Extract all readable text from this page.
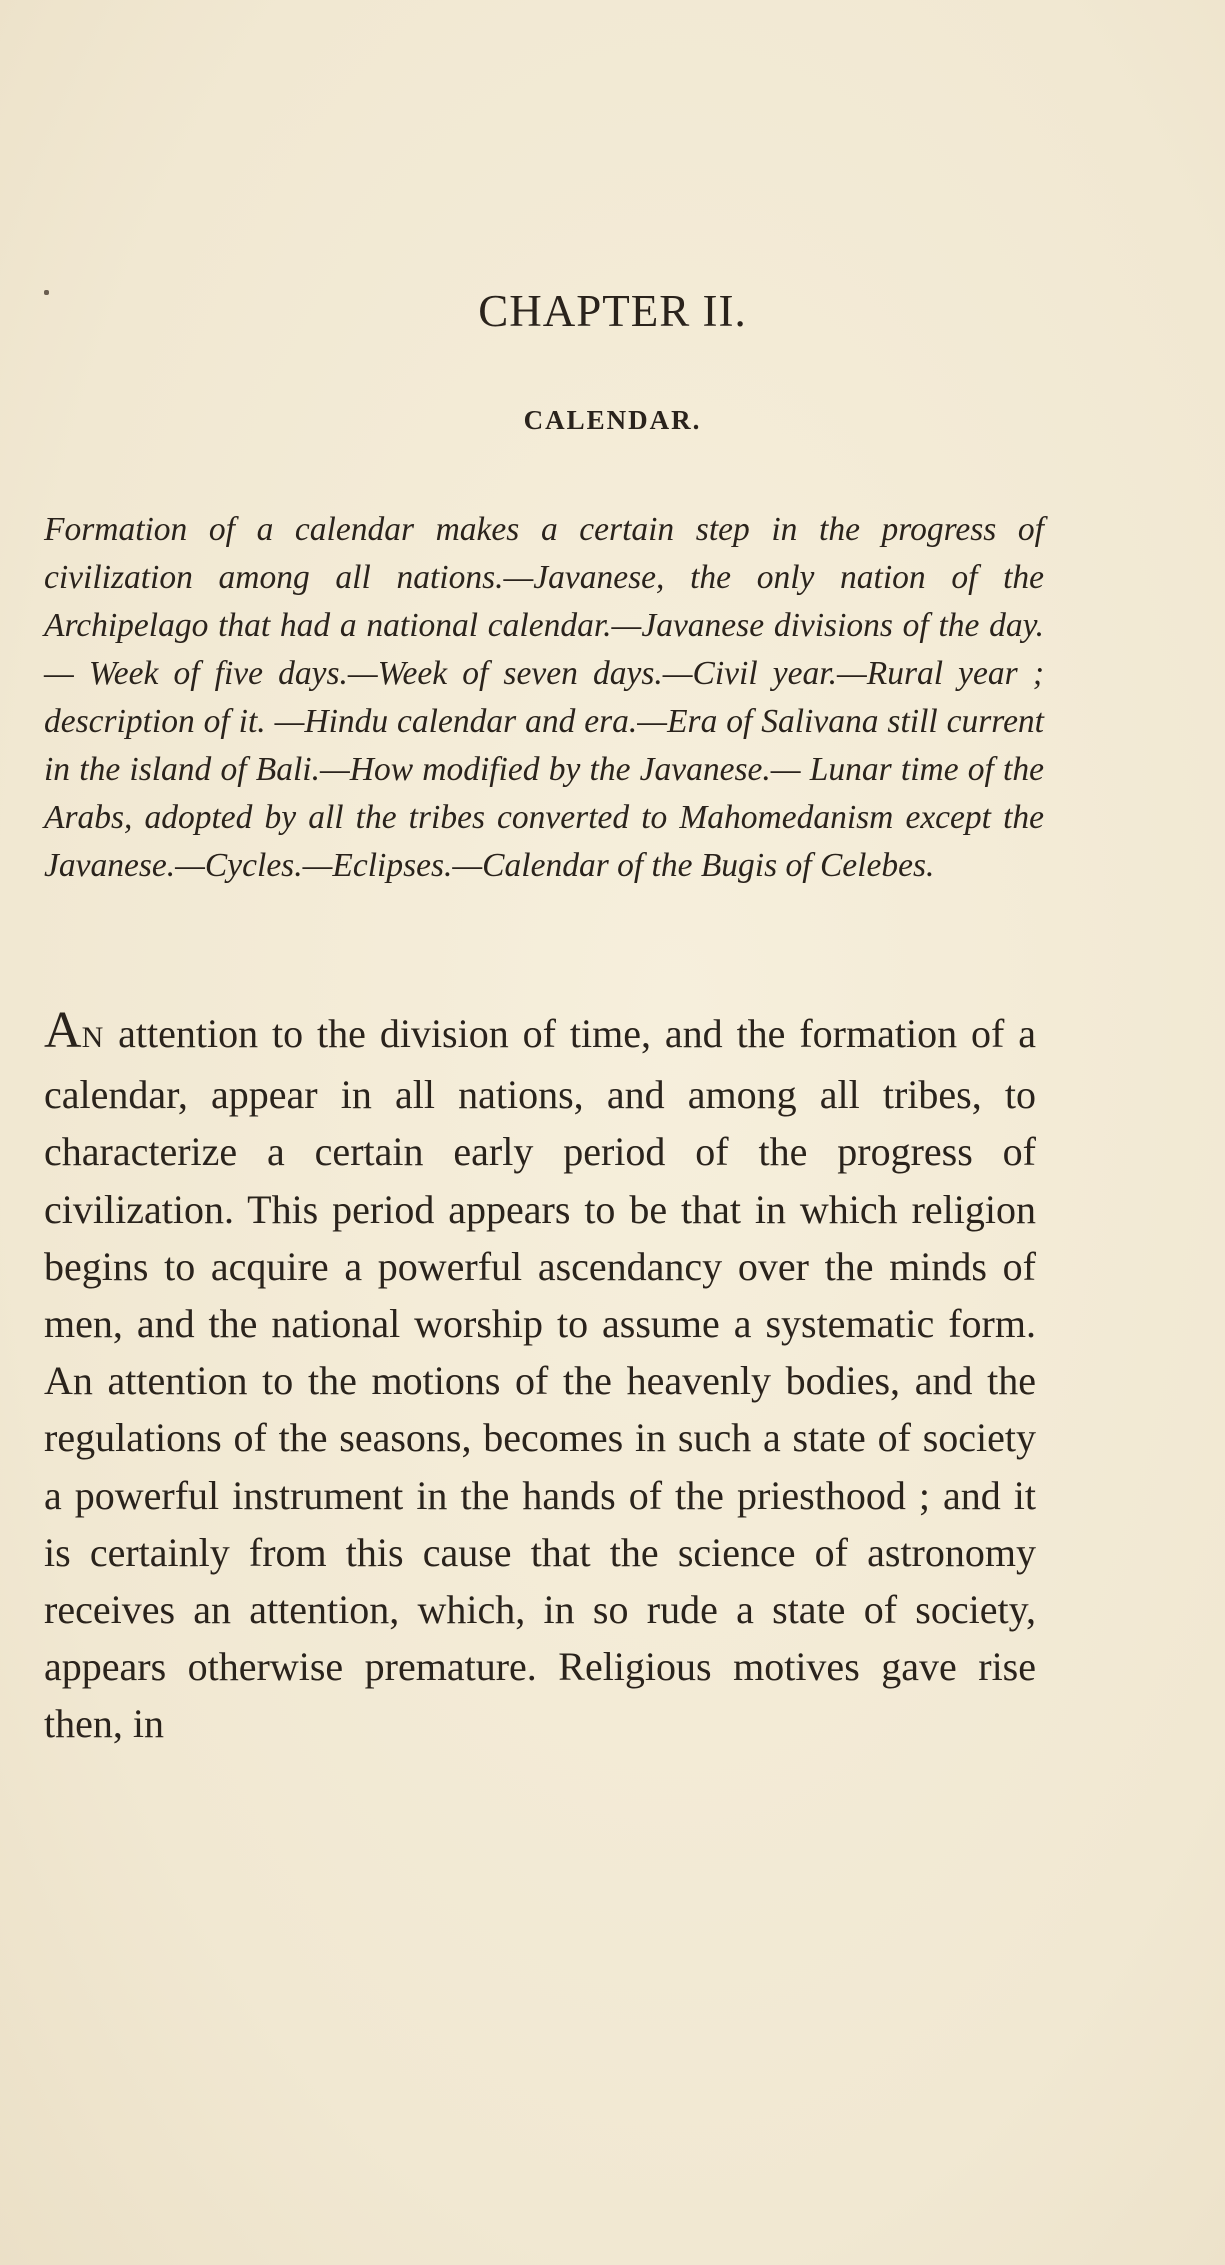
CHAPTER II.
CALENDAR.

Formation of a calendar makes a certain step in the progress of civilization among all nations.—Javanese, the only nation of the Archipelago that had a national calendar.—Javanese divisions of the day.— Week of five days.—Week of seven days.—Civil year.—Rural year ; description of it. —Hindu calendar and era.—Era of Salivana still current in the island of Bali.—How modified by the Javanese.— Lunar time of the Arabs, adopted by all the tribes converted to Mahomedanism except the Javanese.—Cycles.—Eclipses.—Calendar of the Bugis of Celebes.

AN attention to the division of time, and the formation of a calendar, appear in all nations, and among all tribes, to characterize a certain early period of the progress of civilization. This period appears to be that in which religion begins to acquire a powerful ascendancy over the minds of men, and the national worship to assume a systematic form. An attention to the motions of the heavenly bodies, and the regulations of the seasons, becomes in such a state of society a powerful instrument in the hands of the priesthood ; and it is certainly from this cause that the science of astronomy receives an attention, which, in so rude a state of society, appears otherwise premature. Religious motives gave rise then, in
